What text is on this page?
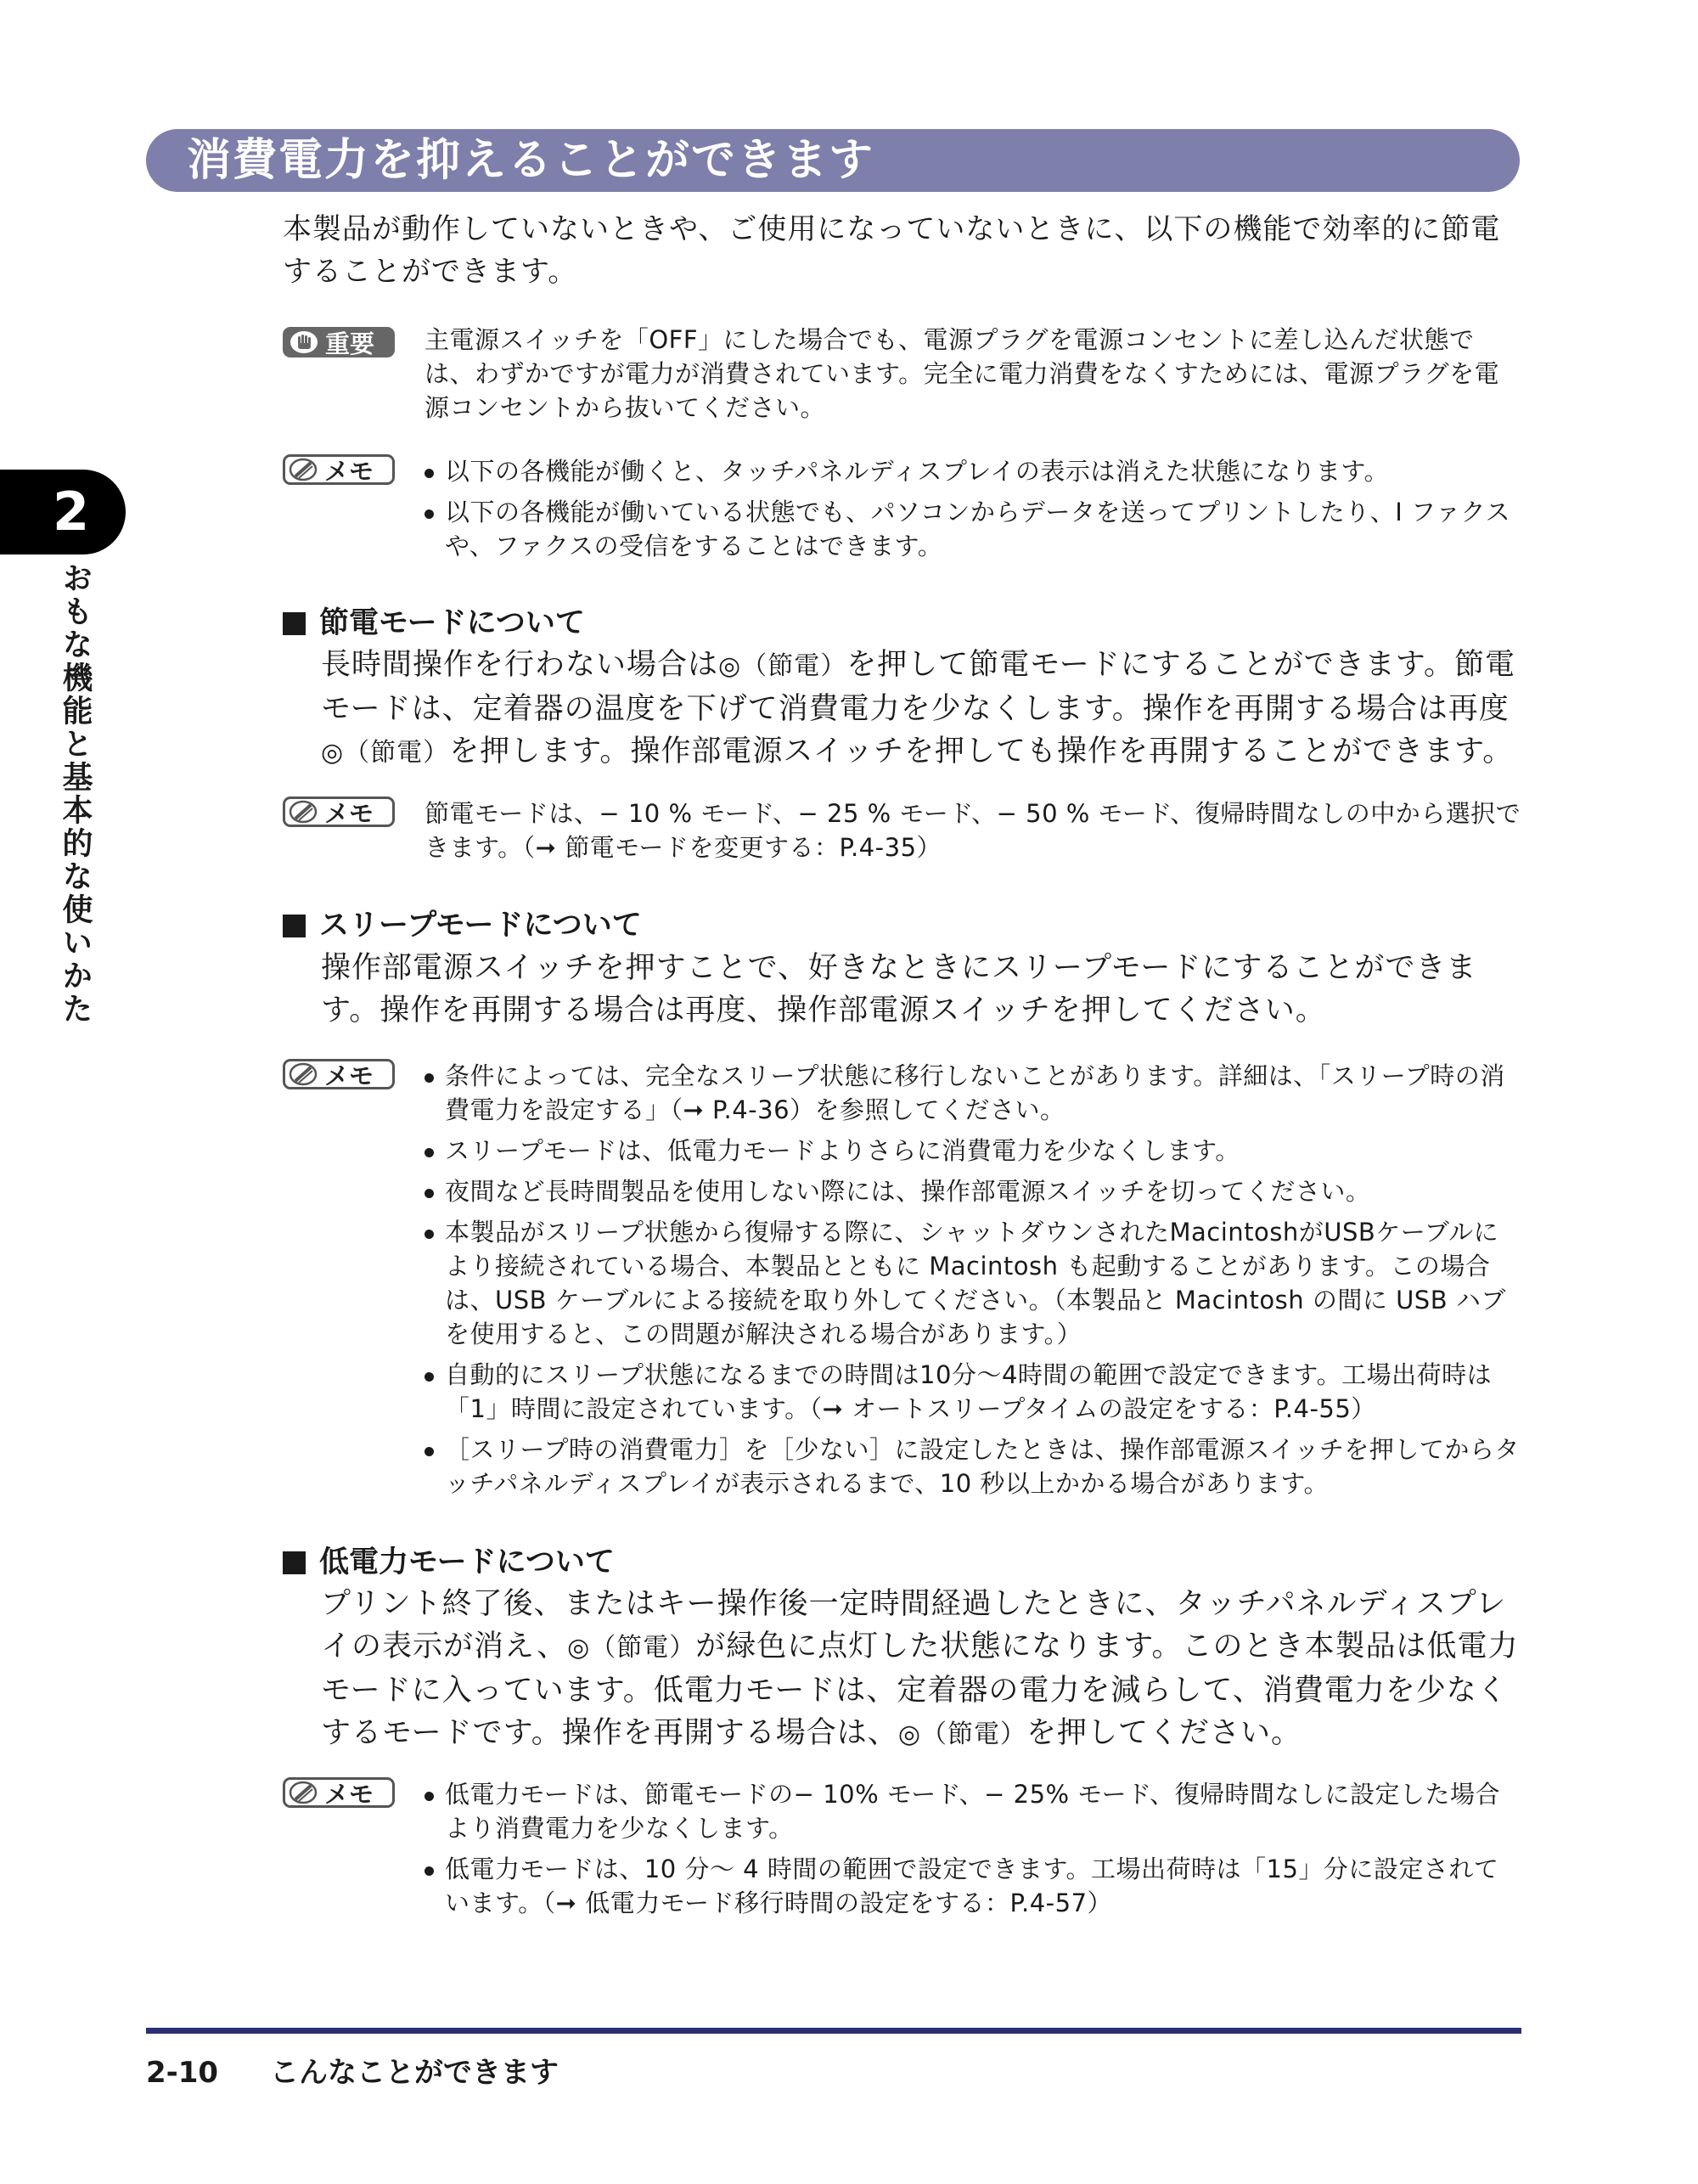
消費電力を抑えることができます
本製品が動作していないときや、ご使用になっていないときに、以下の機能で効率的に節電することができます。
重要 主電源スイッチを「OFF」にした場合でも、電源プラグを電源コンセントに差し込んだ状態では、わずかですが電力が消費されています。完全に電力消費をなくすためには、電源プラグを電源コンセントから抜いてください。
メモ	以下の各機能が働くと、タッチパネルディスプレイの表示は消えた状態になります。
以下の各機能が働いている状態でも、パソコンからデータを送ってプリントしたり、I ファクスや、ファクスの受信をすることはできます。
節電モードについて
長時間操作を行わない場合は◎（節電）を押して節電モードにすることができます。節電モードは、定着器の温度を下げて消費電力を少なくします。操作を再開する場合は再度◎（節電）を押します。操作部電源スイッチを押しても操作を再開することができます。
メモ 節電モードは、− 10 % モード、− 25 % モード、− 50 % モード、復帰時間なしの中から選択できます。（➞ 節電モードを変更する：P.4-35）
スリープモードについて
操作部電源スイッチを押すことで、好きなときにスリープモードにすることができます。操作を再開する場合は再度、操作部電源スイッチを押してください。
メモ	条件によっては、完全なスリープ状態に移行しないことがあります。詳細は、「スリープ時の消費電力を設定する」（➞ P.4-36）を参照してください。
スリープモードは、低電力モードよりさらに消費電力を少なくします。
夜間など長時間製品を使用しない際には、操作部電源スイッチを切ってください。
本製品がスリープ状態から復帰する際に、シャットダウンされたMacintoshがUSBケーブルにより接続されている場合、本製品とともに Macintosh も起動することがあります。この場合は、USB ケーブルによる接続を取り外してください。（本製品と Macintosh の間に USB ハブを使用すると、この問題が解決される場合があります。）
自動的にスリープ状態になるまでの時間は10分〜4時間の範囲で設定できます。工場出荷時は「1」時間に設定されています。（➞ オートスリープタイムの設定をする：P.4-55）
［スリープ時の消費電力］を［少ない］に設定したときは、操作部電源スイッチを押してからタッチパネルディスプレイが表示されるまで、10 秒以上かかる場合があります。
低電力モードについて
プリント終了後、またはキー操作後一定時間経過したときに、タッチパネルディスプレイの表示が消え、◎（節電）が緑色に点灯した状態になります。このとき本製品は低電力モードに入っています。低電力モードは、定着器の電力を減らして、消費電力を少なくするモードです。操作を再開する場合は、◎（節電）を押してください。
メモ	低電力モードは、節電モードの− 10% モード、− 25% モード、復帰時間なしに設定した場合より消費電力を少なくします。
低電力モードは、10 分〜 4 時間の範囲で設定できます。工場出荷時は「15」分に設定されています。（➞ 低電力モード移行時間の設定をする：P.4-57）
2
おもな機能と基本的な使いかた
2-10 こんなことができます
